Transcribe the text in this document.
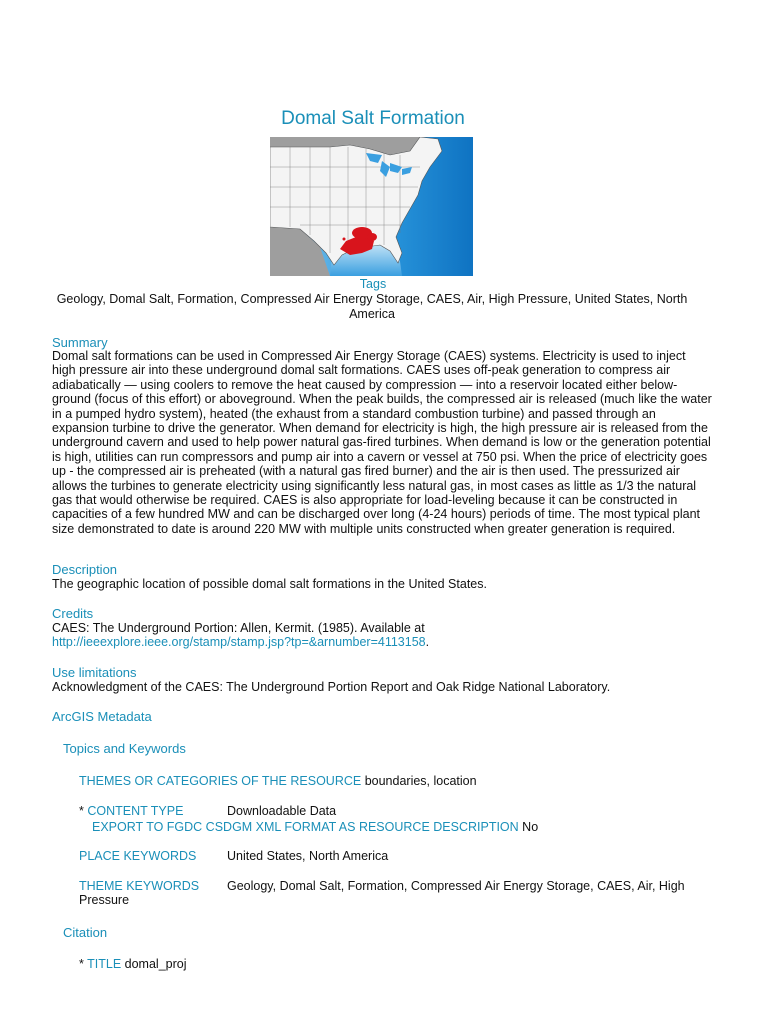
Domal Salt Formation
Tags
Geology, Domal Salt, Formation, Compressed Air Energy Storage, CAES, Air, High Pressure, United States, North America
Summary
Domal salt formations can be used in Compressed Air Energy Storage (CAES) systems. Electricity is used to inject high pressure air into these underground domal salt formations. CAES uses off-peak generation to compress air adiabatically — using coolers to remove the heat caused by compression — into a reservoir located either below-ground (focus of this effort) or aboveground. When the peak builds, the compressed air is released (much like the water in a pumped hydro system), heated (the exhaust from a standard combustion turbine) and passed through an expansion turbine to drive the generator. When demand for electricity is high, the high pressure air is released from the underground cavern and used to help power natural gas-fired turbines. When demand is low or the generation potential is high, utilities can run compressors and pump air into a cavern or vessel at 750 psi. When the price of electricity goes up - the compressed air is preheated (with a natural gas fired burner) and the air is then used. The pressurized air allows the turbines to generate electricity using significantly less natural gas, in most cases as little as 1/3 the natural gas that would otherwise be required. CAES is also appropriate for load-leveling because it can be constructed in capacities of a few hundred MW and can be discharged over long (4-24 hours) periods of time. The most typical plant size demonstrated to date is around 220 MW with multiple units constructed when greater generation is required.
Description
The geographic location of possible domal salt formations in the United States.
Credits
CAES: The Underground Portion: Allen, Kermit. (1985). Available at
http://ieeexplore.ieee.org/stamp/stamp.jsp?tp=&arnumber=4113158.
Use limitations
Acknowledgment of the CAES: The Underground Portion Report and Oak Ridge National Laboratory.
ArcGIS Metadata
Topics and Keywords
THEMES OR CATEGORIES OF THE RESOURCE boundaries, location
* CONTENT TYPE	Downloadable Data
EXPORT TO FGDC CSDGM XML FORMAT AS RESOURCE DESCRIPTION No
PLACE KEYWORDS United States, North America
THEME KEYWORDS Geology, Domal Salt, Formation, Compressed Air Energy Storage, CAES, Air, High
Pressure
Citation
* TITLE domal_proj
